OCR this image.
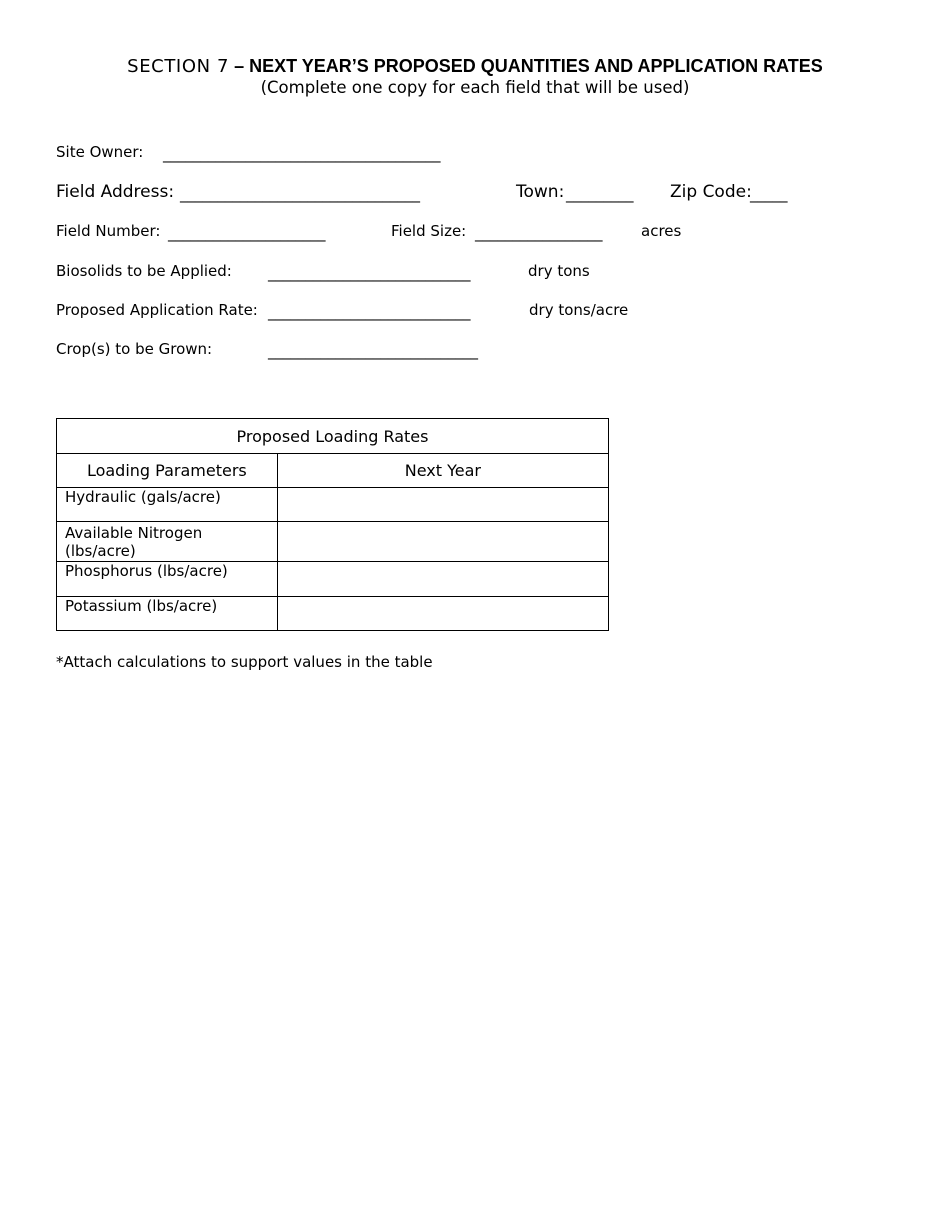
SECTION 7 – NEXT YEAR’S PROPOSED QUANTITIES AND APPLICATION RATES
(Complete one copy for each field that will be used)
Site Owner: _____________________________________
Field Address: ________________________________	Town: _________ Zip Code:
_____
Field Number: _____________________	Field Size: _________________	acres
Biosolids to be Applied: ___________________________	dry tons
Proposed Application Rate: ___________________________	dry tons/acre
Crop(s) to be Grown:	____________________________
Proposed Loading Rates	
Loading Parameters	Next Year
Hydraulic (gals/acre)	
Available Nitrogen (lbs/acre)	
Phosphorus (lbs/acre)	
Potassium (lbs/acre)	
*Attach calculations to support values in the table
